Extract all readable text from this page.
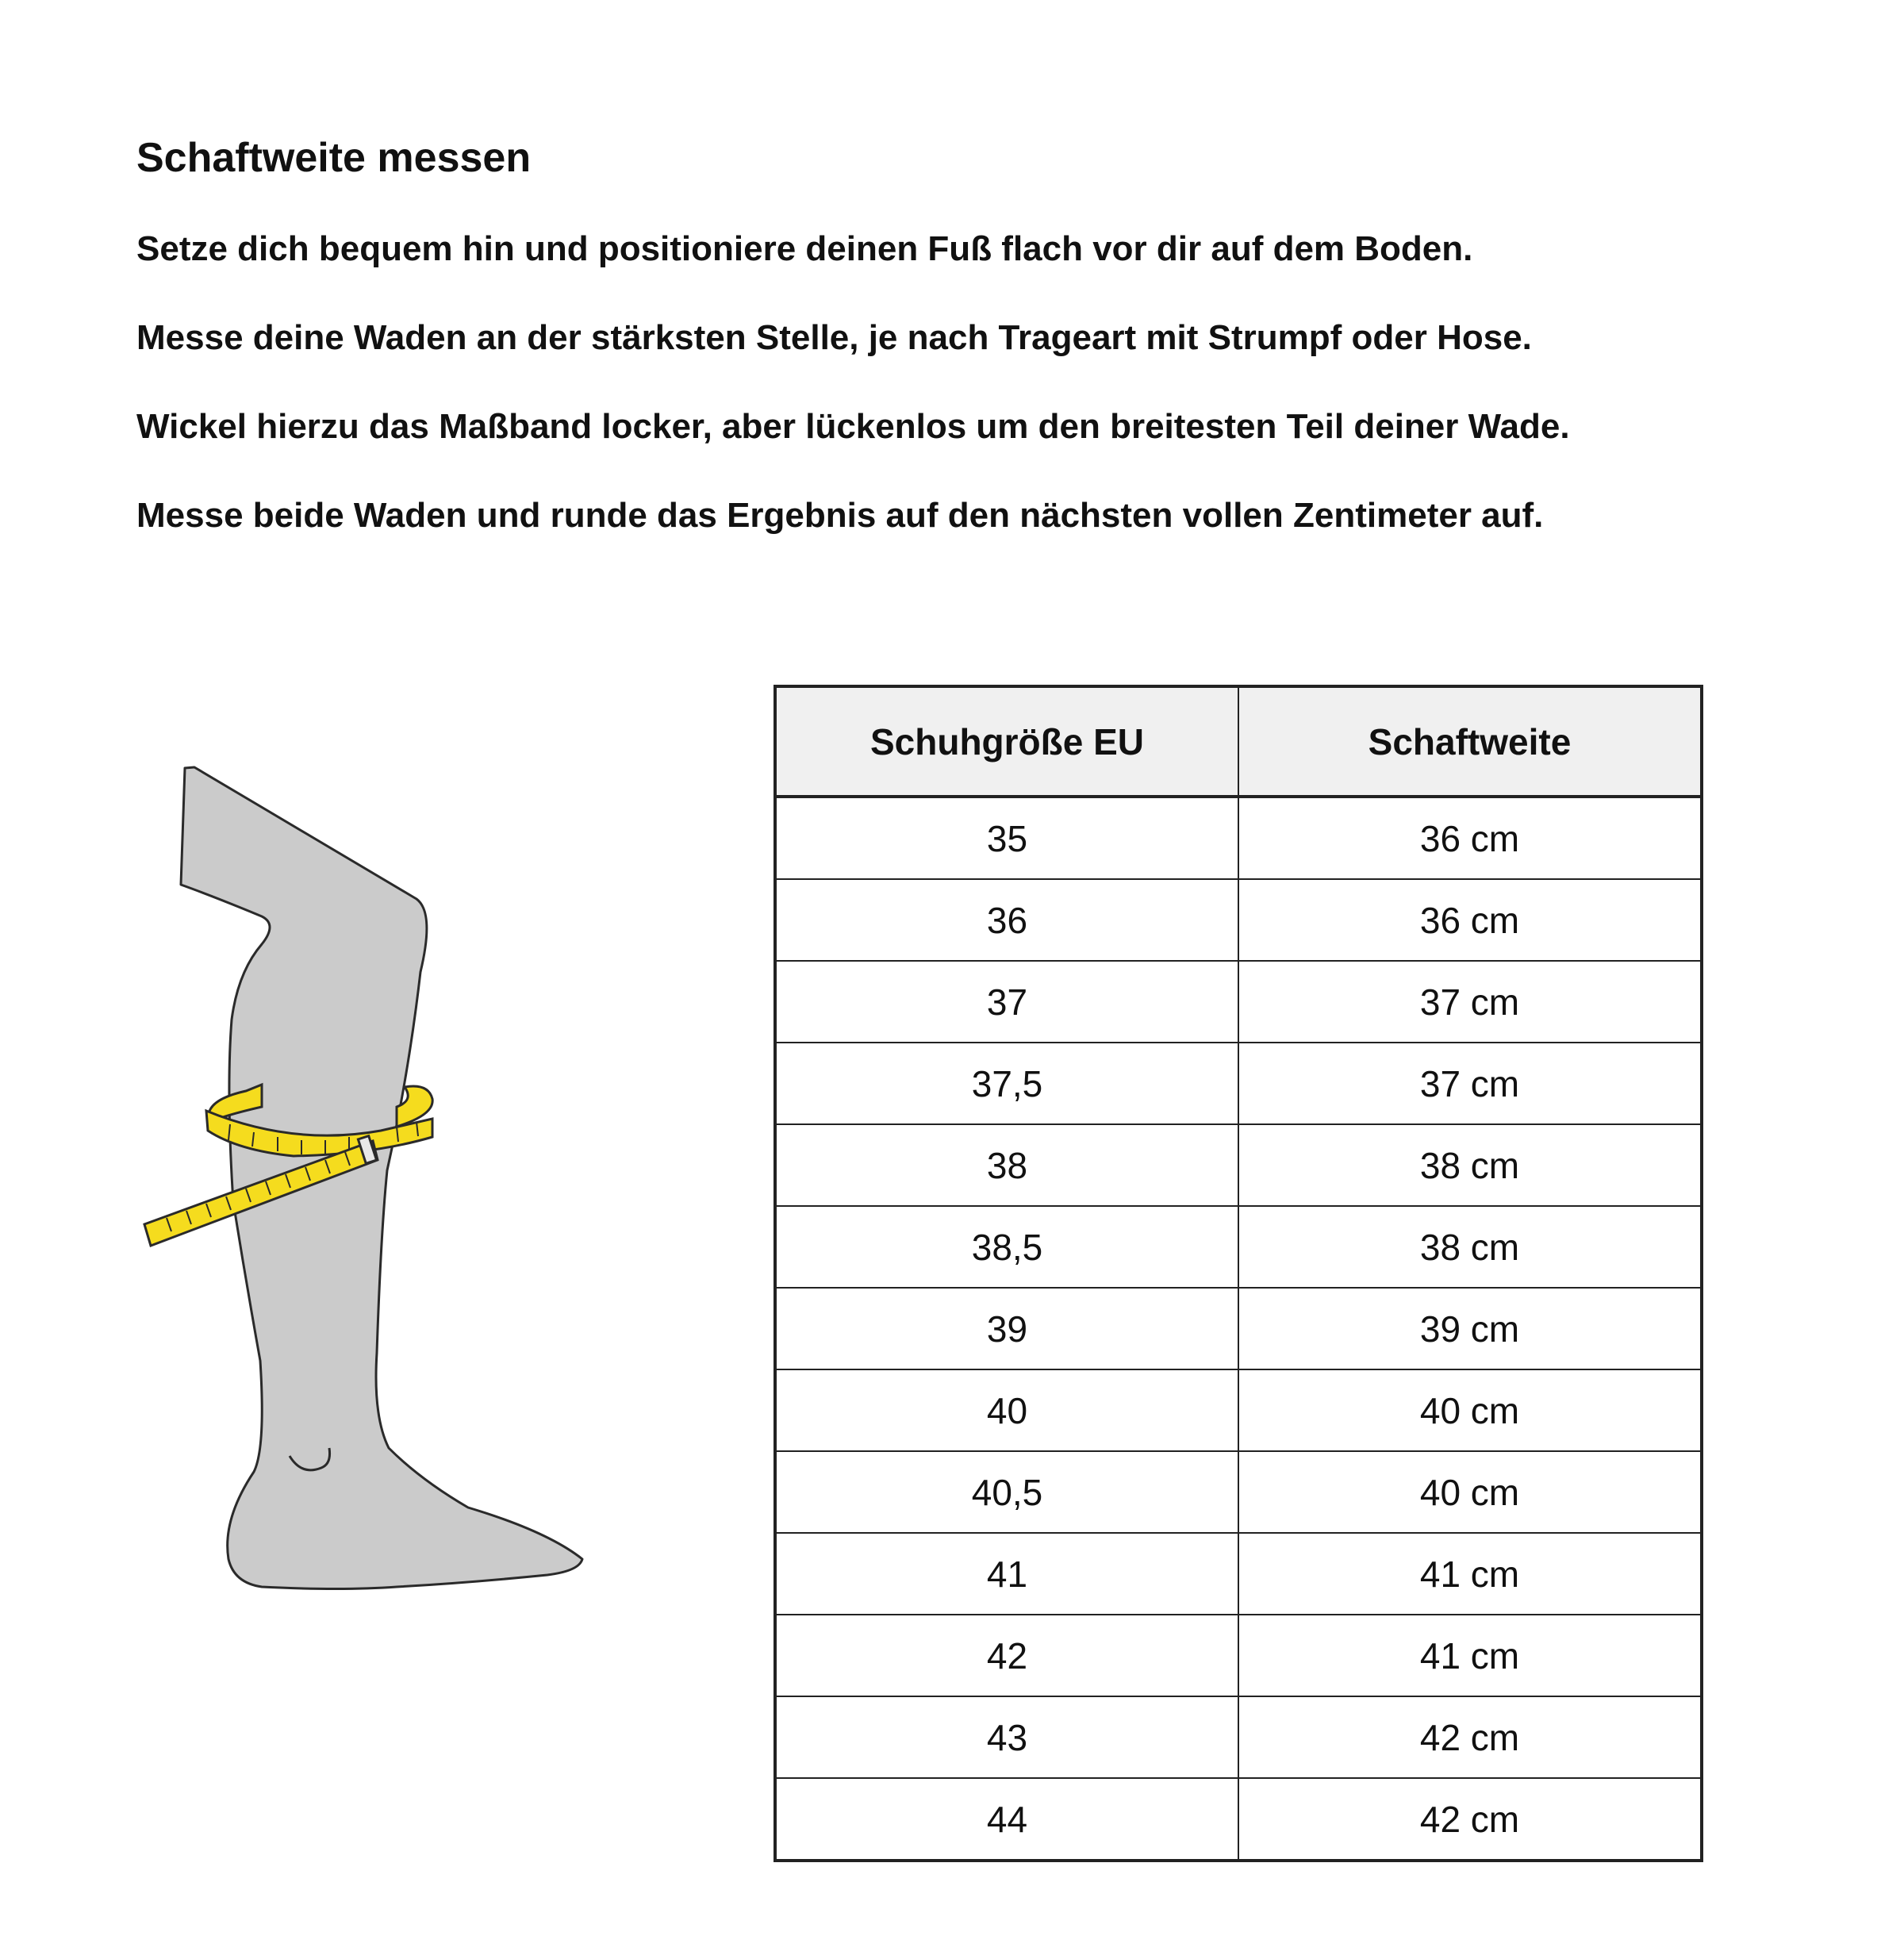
Schaftweite messen
Setze dich bequem hin und positioniere deinen Fuß flach vor dir auf dem Boden.
Messe deine Waden an der stärksten Stelle, je nach Trageart mit Strumpf oder Hose.
Wickel hierzu das Maßband locker, aber lückenlos um den breitesten Teil deiner Wade.
Messe beide Waden und runde das Ergebnis auf den nächsten vollen Zentimeter auf.
Schuhgröße EU	Schaftweite
35	36 cm
36	36 cm
37	37 cm
37,5	37 cm
38	38 cm
38,5	38 cm
39	39 cm
40	40 cm
40,5	40 cm
41	41 cm
42	41 cm
43	42 cm
44	42 cm
